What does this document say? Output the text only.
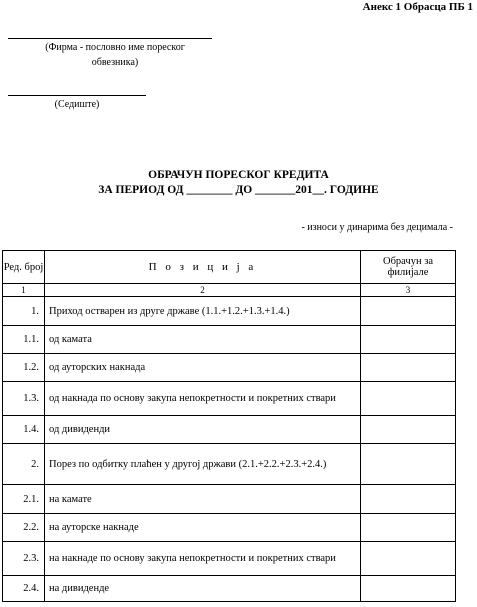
Анекс 1 Обрасца ПБ 1
(Фирма - пословно име пореског
обвезника)
(Седиште)
ОБРАЧУН ПОРЕСКОГ КРЕДИТА
ЗА ПЕРИОД ОД ________ ДО _______201__. ГОДИНЕ
- износи у динарима без децимала -
Ред. број	П о з и ц и ј а	Обрачун за филијале
1	2	3
1.	Приход остварен из друге државе (1.1.+1.2.+1.3.+1.4.)	
1.1.	од камата	
1.2.	од ауторских накнада	
1.3.	од накнада по основу закупа непокретности и покретних ствари	
1.4.	од дивиденди	
2.	Порез по одбитку плаћен у другој држави (2.1.+2.2.+2.3.+2.4.)	
2.1.	на камате	
2.2.	на ауторске накнаде	
2.3.	на накнаде по основу закупа непокретности и покретних ствари	
2.4.	на дивиденде	
